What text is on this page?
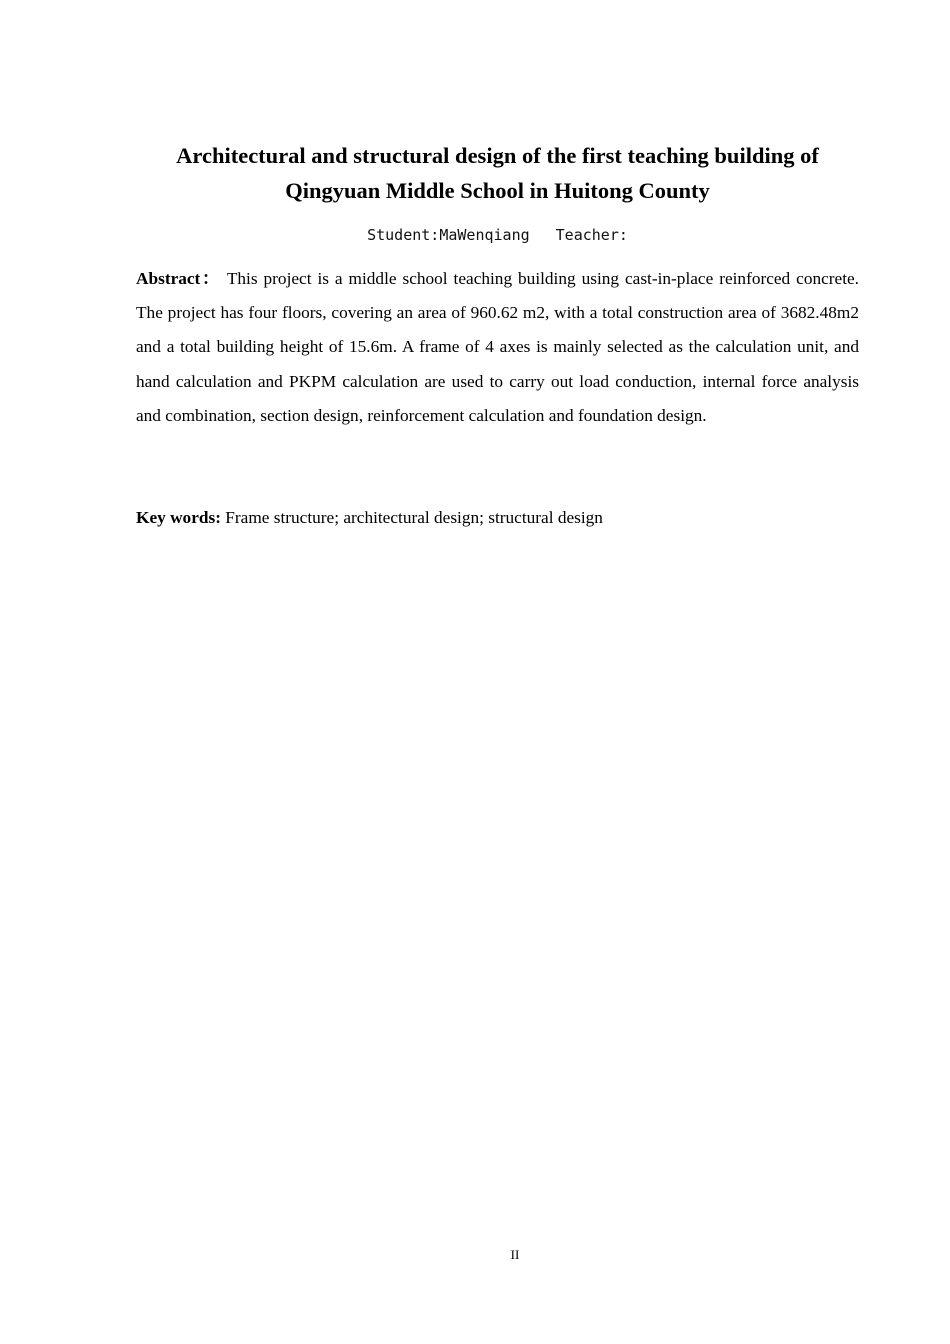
Architectural and structural design of the first teaching building of
Qingyuan Middle School in Huitong County
Student:MaWenqiang Teacher:

Abstract： This project is a middle school teaching building using cast-in-place reinforced concrete. The project has four floors, covering an area of 960.62 m2, with a total construction area of 3682.48m2 and a total building height of 15.6m. A frame of 4 axes is mainly selected as the calculation unit, and hand calculation and PKPM calculation are used to carry out load conduction, internal force analysis and combination, section design, reinforcement calculation and foundation design.

Key words: Frame structure; architectural design; structural design

II
